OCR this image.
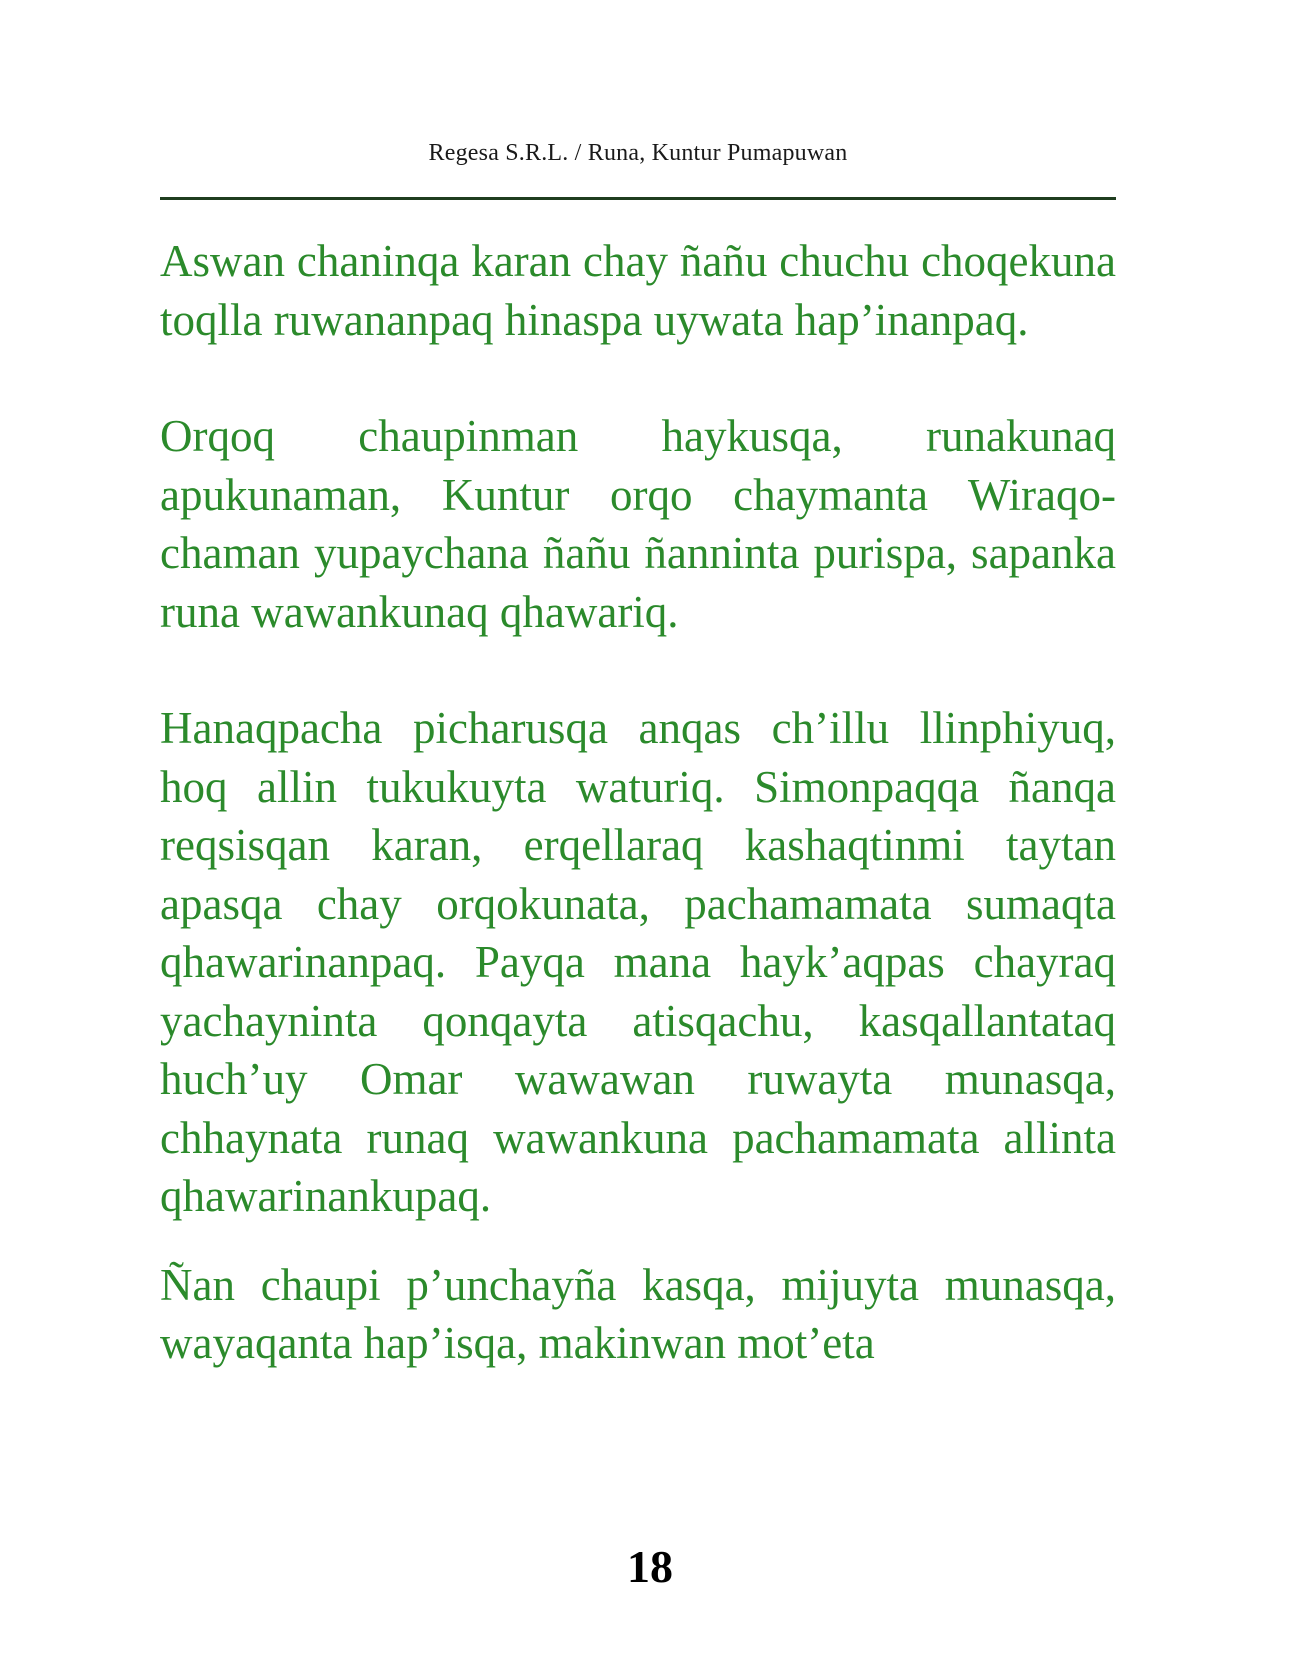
Regesa S.R.L. / Runa, Kuntur Pumapuwan

Aswan chaninqa karan chay ñañu chuchu choqekuna toqlla ruwananpaq hinaspa uywata hap’inanpaq.

Orqoq chaupinman haykusqa, runakunaq apukunaman, Kuntur orqo chaymanta Wiraqochaman yupaychana ñañu ñanninta purispa, sapanka runa wawankunaq qhawariq.

Hanaqpacha picharusqa anqas ch’illu llinphiyuq, hoq allin tukukuyta waturiq. Simonpaqqa ñanqa reqsisqan karan, erqellaraq kashaqtinmi taytan apasqa chay orqokunata, pachamamata sumaqta qhawarinanpaq. Payqa mana hayk’aqpas chayraq yachayninta qonqayta atisqachu, kasqallantataq huch’uy Omar wawawan ruwayta munasqa, chhaynata runaq wawankuna pachamamata allinta qhawarinankupaq.

Ñan chaupi p’unchayña kasqa, mijuyta munasqa, wayaqanta hap’isqa, makinwan mot’eta

18
